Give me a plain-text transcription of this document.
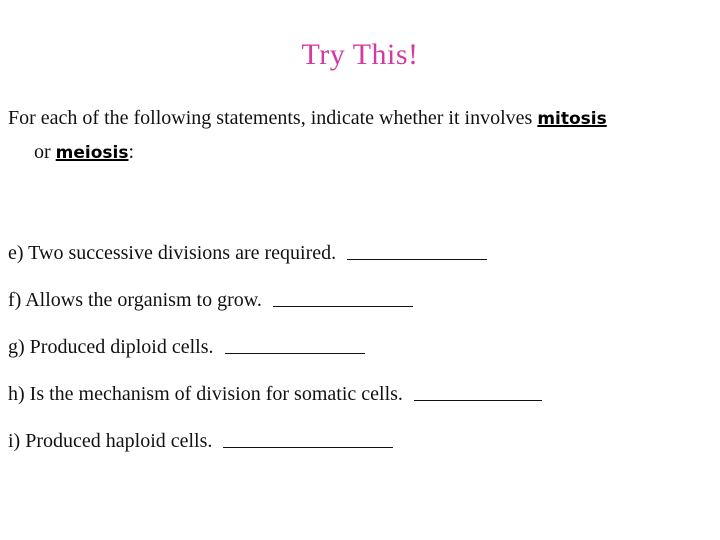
Try This!
For each of the following statements, indicate whether it involves mitosis
or meiosis:
e) Two successive divisions are required.
f) Allows the organism to grow.
g) Produced diploid cells.
h) Is the mechanism of division for somatic cells.
i) Produced haploid cells.
